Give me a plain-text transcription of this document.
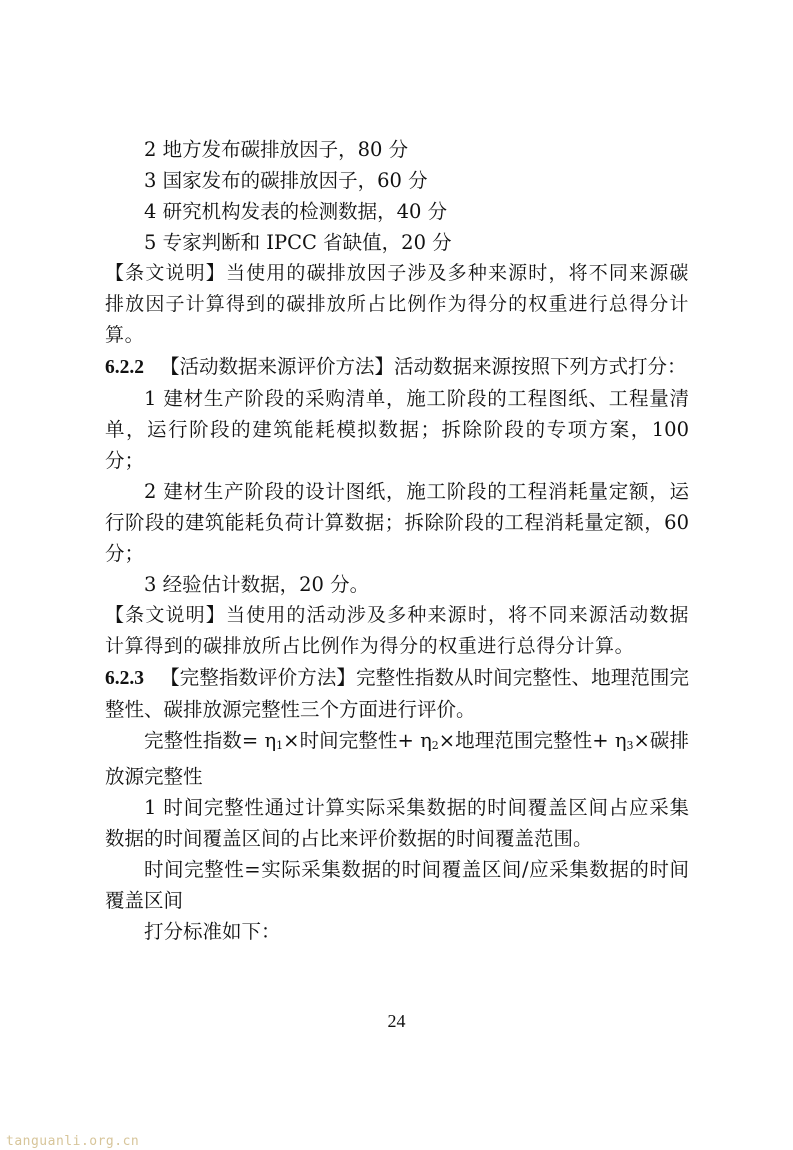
2 地方发布碳排放因子，80 分

3 国家发布的碳排放因子，60 分

4 研究机构发表的检测数据，40 分

5 专家判断和 IPCC 省缺值，20 分

【条文说明】当使用的碳排放因子涉及多种来源时，将不同来源碳排放因子计算得到的碳排放所占比例作为得分的权重进行总得分计算。

6.2.2 【活动数据来源评价方法】活动数据来源按照下列方式打分：

1 建材生产阶段的采购清单，施工阶段的工程图纸、工程量清单，运行阶段的建筑能耗模拟数据；拆除阶段的专项方案，100 分；

2 建材生产阶段的设计图纸，施工阶段的工程消耗量定额，运行阶段的建筑能耗负荷计算数据；拆除阶段的工程消耗量定额，60 分；

3 经验估计数据，20 分。

【条文说明】当使用的活动涉及多种来源时，将不同来源活动数据计算得到的碳排放所占比例作为得分的权重进行总得分计算。

6.2.3 【完整指数评价方法】完整性指数从时间完整性、地理范围完整性、碳排放源完整性三个方面进行评价。

完整性指数= $\eta_1\times$时间完整性+ $\eta_2\times$地理范围完整性+ $\eta_3\times$碳排放源完整性

1 时间完整性通过计算实际采集数据的时间覆盖区间占应采集数据的时间覆盖区间的占比来评价数据的时间覆盖范围。

时间完整性=实际采集数据的时间覆盖区间/应采集数据的时间覆盖区间

打分标准如下：

24
tanguanli.org.cn
